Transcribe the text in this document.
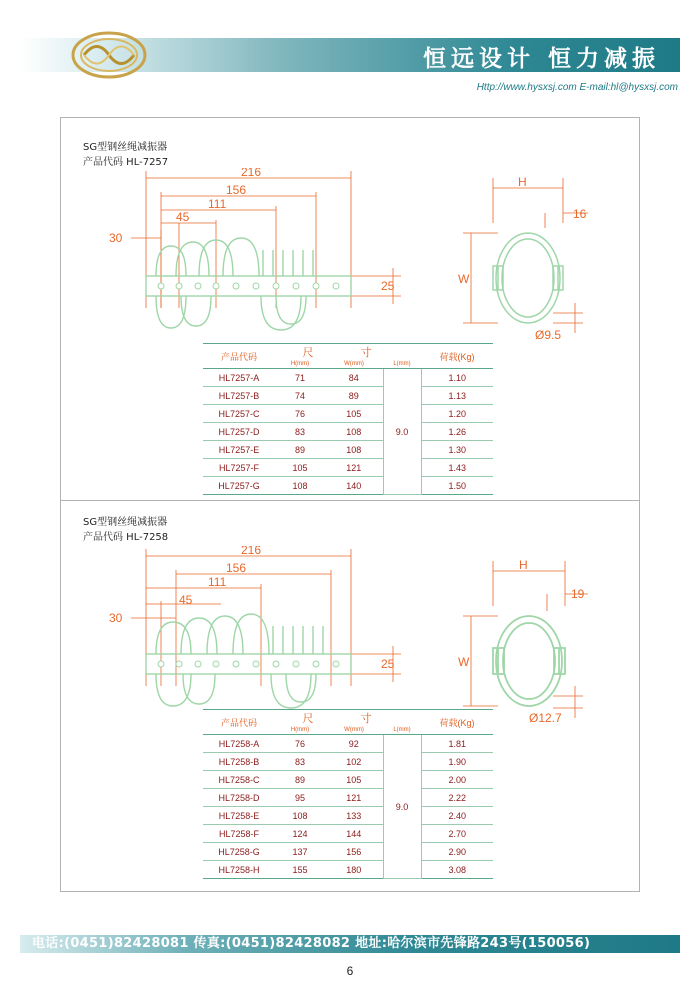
恒远设计 恒力减振
Http://www.hysxsj.com E-mail:hl@hysxsj.com
SG型钢丝绳减振器
产品代码 HL-7257
216
156
111
45
30
25
H
16
W
Ø9.5
产品代码	尺 寸			荷载(Kg)
	H(mm)	W(mm)	L(mm)	
HL7257-A	71	84	9.0	1.10
HL7257-B	74	89		1.13
HL7257-C	76	105		1.20
HL7257-D	83	108		1.26
HL7257-E	89	108		1.30
HL7257-F	105	121		1.43
HL7257-G	108	140		1.50
SG型钢丝绳减振器
产品代码 HL-7258
216
156
111
45
30
25
H
19
W
Ø12.7
产品代码	尺 寸			荷载(Kg)
	H(mm)	W(mm)	L(mm)	
HL7258-A	76	92	9.0	1.81
HL7258-B	83	102		1.90
HL7258-C	89	105		2.00
HL7258-D	95	121		2.22
HL7258-E	108	133		2.40
HL7258-F	124	144		2.70
HL7258-G	137	156		2.90
HL7258-H	155	180		3.08
电话:(0451)82428081 传真:(0451)82428082 地址:哈尔滨市先锋路243号(150056)
6
